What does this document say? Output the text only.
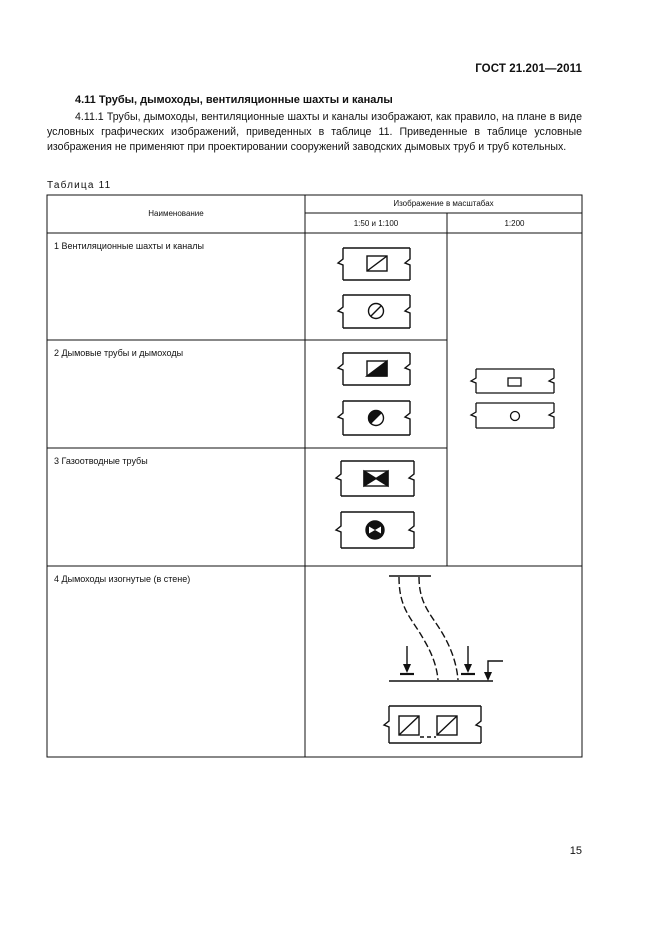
ГОСТ 21.201—2011
4.11 Трубы, дымоходы, вентиляционные шахты и каналы
4.11.1 Трубы, дымоходы, вентиляционные шахты и каналы изображают, как правило, на плане в виде условных графических изображений, приведенных в таблице 11. Приведенные в таблице условные изображения не применяют при проектировании сооружений заводских дымовых труб и труб котельных.
Таблица 11
Наименование
Изображение в масштабах
1:50 и 1:100	1:200
1 Вентиляционные шахты и каналы
2 Дымовые трубы и дымоходы
3 Газоотводные трубы
4 Дымоходы изогнутые (в стене)
15
